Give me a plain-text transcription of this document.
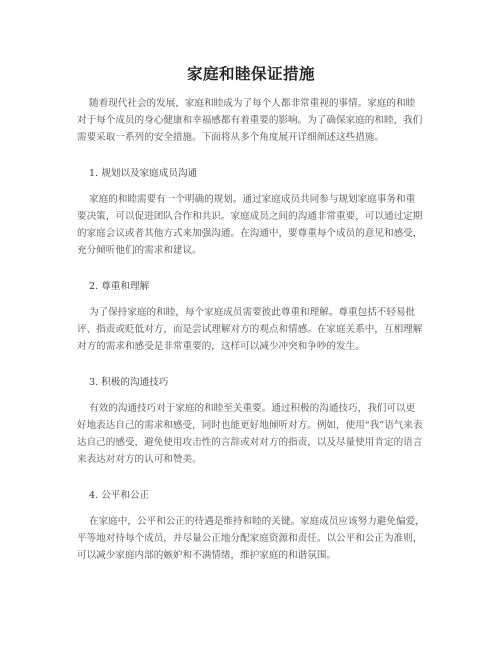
家庭和睦保证措施
随着现代社会的发展，家庭和睦成为了每个人都非常重视的事情。家庭的和睦
对于每个成员的身心健康和幸福感都有着重要的影响。为了确保家庭的和睦，我们
需要采取一系列的安全措施。下面将从多个角度展开详细阐述这些措施。
1. 规划以及家庭成员沟通
家庭的和睦需要有一个明确的规划。通过家庭成员共同参与规划家庭事务和重
要决策，可以促进团队合作和共识。家庭成员之间的沟通非常重要，可以通过定期
的家庭会议或者其他方式来加强沟通。在沟通中，要尊重每个成员的意见和感受，
充分倾听他们的需求和建议。
2. 尊重和理解
为了保持家庭的和睦，每个家庭成员需要彼此尊重和理解。尊重包括不轻易批
评、指责或贬低对方，而是尝试理解对方的观点和情感。在家庭关系中，互相理解
对方的需求和感受是非常重要的，这样可以减少冲突和争吵的发生。
3. 积极的沟通技巧
有效的沟通技巧对于家庭的和睦至关重要。通过积极的沟通技巧，我们可以更
好地表达自己的需求和感受，同时也能更好地倾听对方。例如，使用“我”语气来表
达自己的感受，避免使用攻击性的言辞或对对方的指责，以及尽量使用肯定的语言
来表达对对方的认可和赞美。
4. 公平和公正
在家庭中，公平和公正的待遇是维持和睦的关键。家庭成员应该努力避免偏爱，
平等地对待每个成员，并尽量公正地分配家庭资源和责任。以公平和公正为准则，
可以减少家庭内部的嫉妒和不满情绪，维护家庭的和谐氛围。
